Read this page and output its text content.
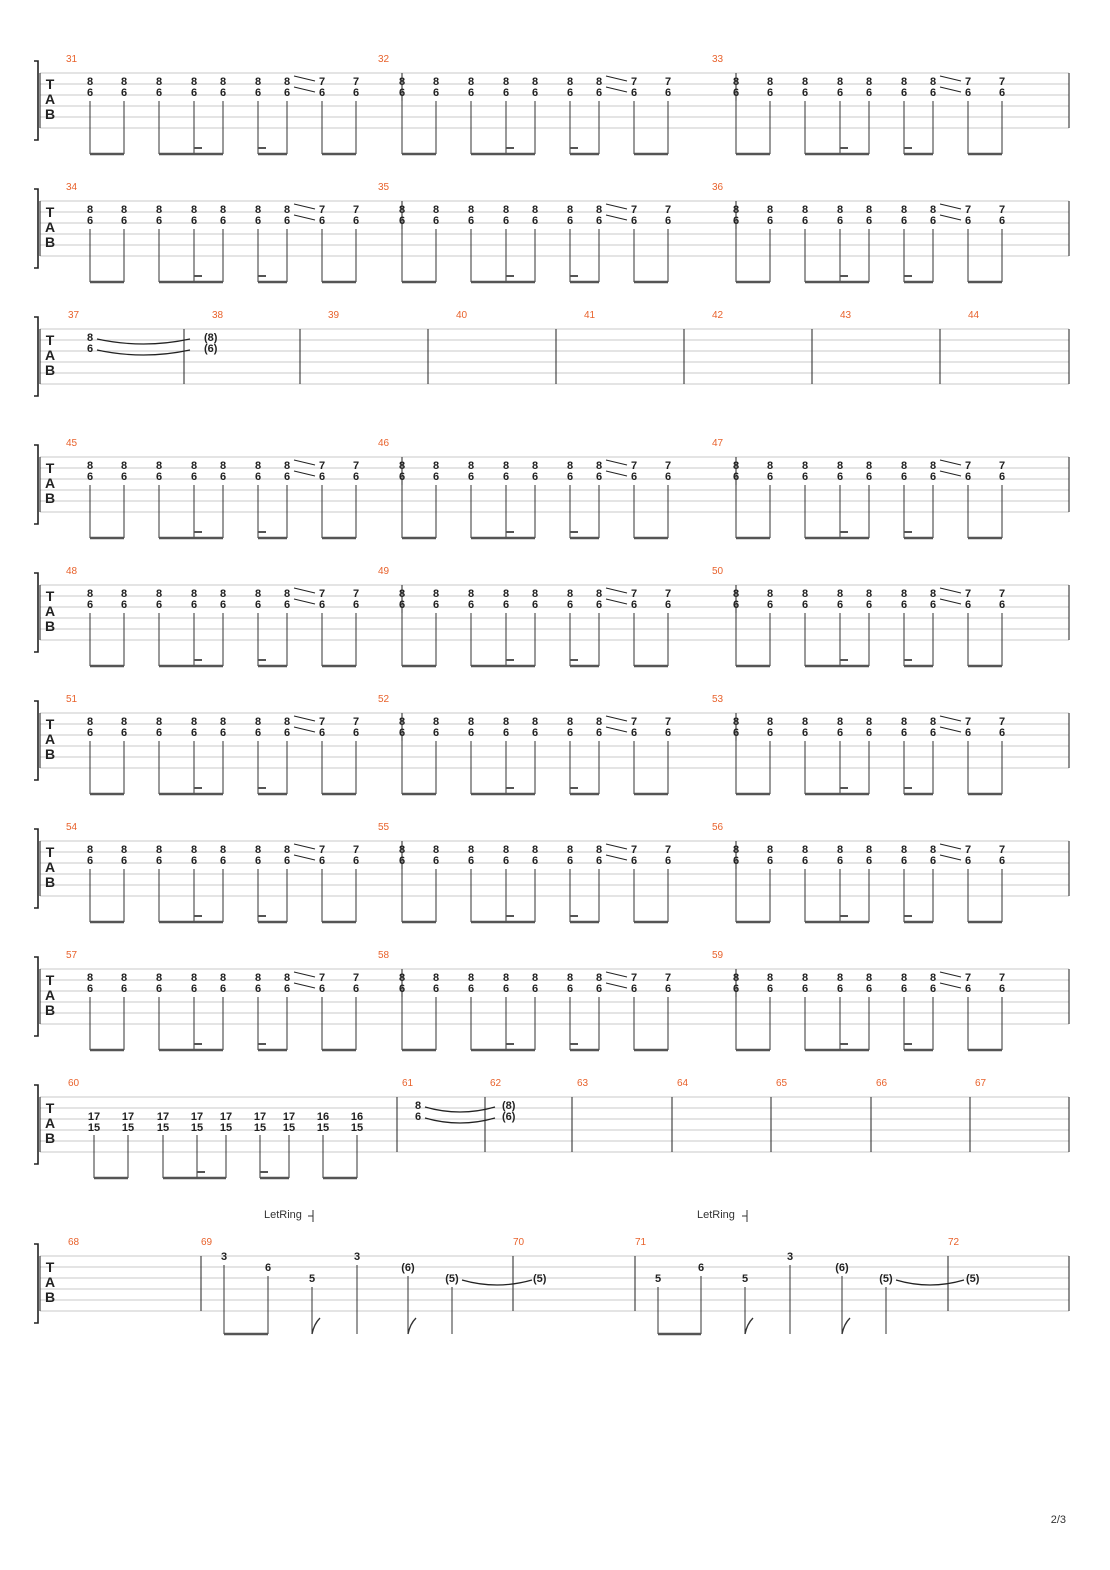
T
A
B
31
8
6
8
6
8
6
8
6
8
6
8
6
8
6
7
6
7
6
32
8
6
8
6
8
6
8
6
8
6
8
6
8
6
7
6
7
6
33
8
6
8
6
8
6
8
6
8
6
8
6
8
6
7
6
7
6
T
A
B
34
8
6
8
6
8
6
8
6
8
6
8
6
8
6
7
6
7
6
35
8
6
8
6
8
6
8
6
8
6
8
6
8
6
7
6
7
6
36
8
6
8
6
8
6
8
6
8
6
8
6
8
6
7
6
7
6
T
A
B
45
8
6
8
6
8
6
8
6
8
6
8
6
8
6
7
6
7
6
46
8
6
8
6
8
6
8
6
8
6
8
6
8
6
7
6
7
6
47
8
6
8
6
8
6
8
6
8
6
8
6
8
6
7
6
7
6
T
A
B
48
8
6
8
6
8
6
8
6
8
6
8
6
8
6
7
6
7
6
49
8
6
8
6
8
6
8
6
8
6
8
6
8
6
7
6
7
6
50
8
6
8
6
8
6
8
6
8
6
8
6
8
6
7
6
7
6
T
A
B
51
8
6
8
6
8
6
8
6
8
6
8
6
8
6
7
6
7
6
52
8
6
8
6
8
6
8
6
8
6
8
6
8
6
7
6
7
6
53
8
6
8
6
8
6
8
6
8
6
8
6
8
6
7
6
7
6
T
A
B
54
8
6
8
6
8
6
8
6
8
6
8
6
8
6
7
6
7
6
55
8
6
8
6
8
6
8
6
8
6
8
6
8
6
7
6
7
6
56
8
6
8
6
8
6
8
6
8
6
8
6
8
6
7
6
7
6
T
A
B
57
8
6
8
6
8
6
8
6
8
6
8
6
8
6
7
6
7
6
58
8
6
8
6
8
6
8
6
8
6
8
6
8
6
7
6
7
6
59
8
6
8
6
8
6
8
6
8
6
8
6
8
6
7
6
7
6
T
A
B
37	38	39	40	41	42	43	44
8
6
(8)
(6)
T
A
B
60	61	62	63	64	65	66	67
17
15
17
15
17
15
17
15
17
15
17
15
17
15
16
15
16
15
8
6
(8)
(6)
T
A
B
68	69	70	71	72
3
6
5
3
(6)
(5)	(5)	5
6
5
3
(6)
(5)	(5)
LetRing	LetRing
2/3
